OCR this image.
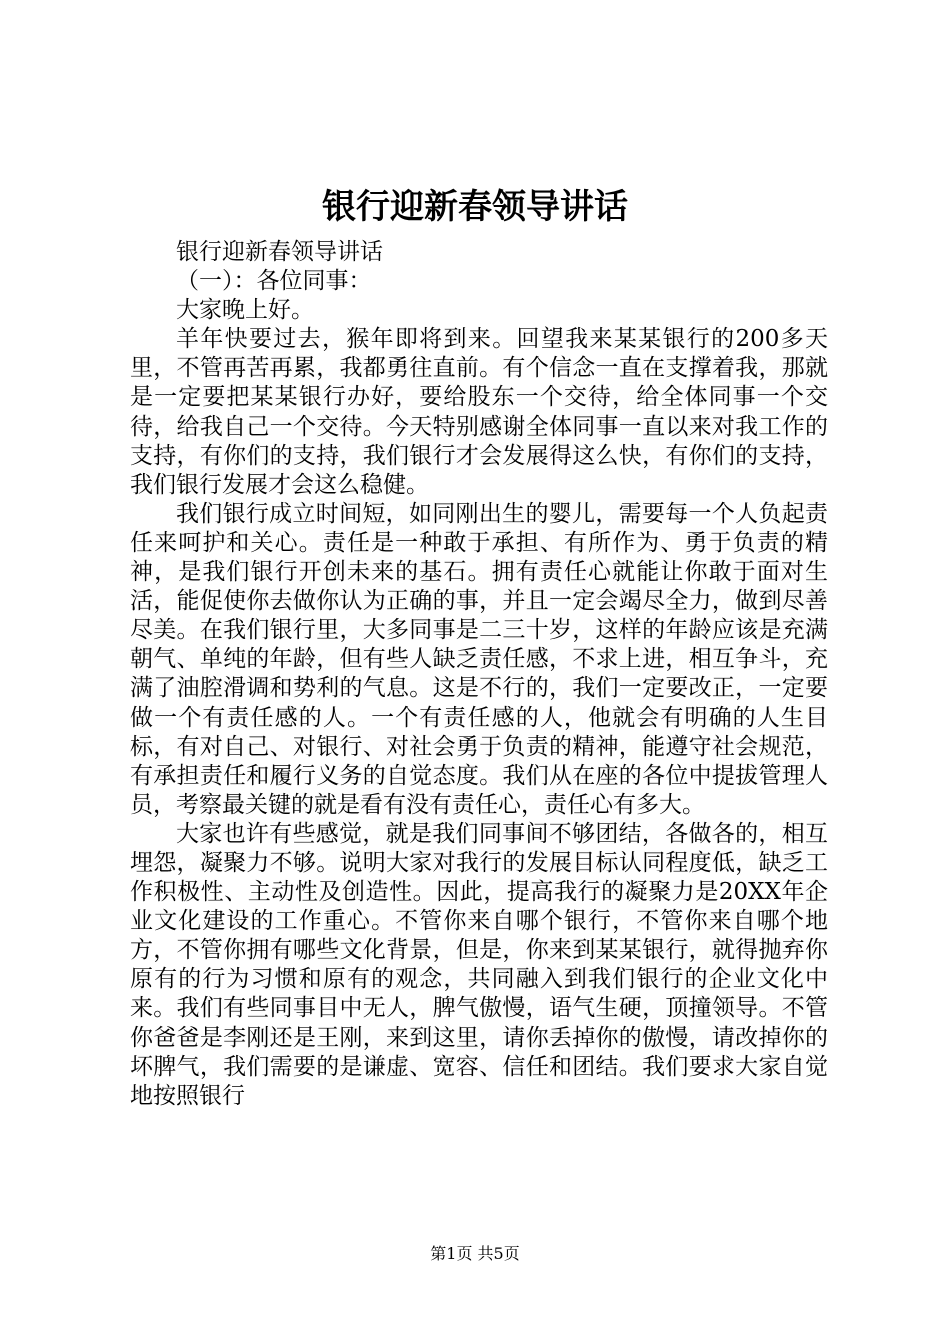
银行迎新春领导讲话

银行迎新春领导讲话

（一）：各位同事：

大家晚上好。

羊年快要过去，猴年即将到来。回望我来某某银行的200多天里，不管再苦再累，我都勇往直前。有个信念一直在支撑着我，那就是一定要把某某银行办好，要给股东一个交待，给全体同事一个交待，给我自己一个交待。今天特别感谢全体同事一直以来对我工作的支持，有你们的支持，我们银行才会发展得这么快，有你们的支持，我们银行发展才会这么稳健。

我们银行成立时间短，如同刚出生的婴儿，需要每一个人负起责任来呵护和关心。责任是一种敢于承担、有所作为、勇于负责的精神，是我们银行开创未来的基石。拥有责任心就能让你敢于面对生活，能促使你去做你认为正确的事，并且一定会竭尽全力，做到尽善尽美。在我们银行里，大多同事是二三十岁，这样的年龄应该是充满朝气、单纯的年龄，但有些人缺乏责任感，不求上进，相互争斗，充满了油腔滑调和势利的气息。这是不行的，我们一定要改正，一定要做一个有责任感的人。一个有责任感的人，他就会有明确的人生目标，有对自己、对银行、对社会勇于负责的精神，能遵守社会规范，有承担责任和履行义务的自觉态度。我们从在座的各位中提拔管理人员，考察最关键的就是看有没有责任心，责任心有多大。

大家也许有些感觉，就是我们同事间不够团结，各做各的，相互埋怨，凝聚力不够。说明大家对我行的发展目标认同程度低，缺乏工作积极性、主动性及创造性。因此，提高我行的凝聚力是20XX年企业文化建设的工作重心。不管你来自哪个银行，不管你来自哪个地方，不管你拥有哪些文化背景，但是，你来到某某银行，就得抛弃你原有的行为习惯和原有的观念，共同融入到我们银行的企业文化中来。我们有些同事目中无人，脾气傲慢，语气生硬，顶撞领导。不管你爸爸是李刚还是王刚，来到这里，请你丢掉你的傲慢，请改掉你的坏脾气，我们需要的是谦虚、宽容、信任和团结。我们要求大家自觉地按照银行

第1页 共5页
